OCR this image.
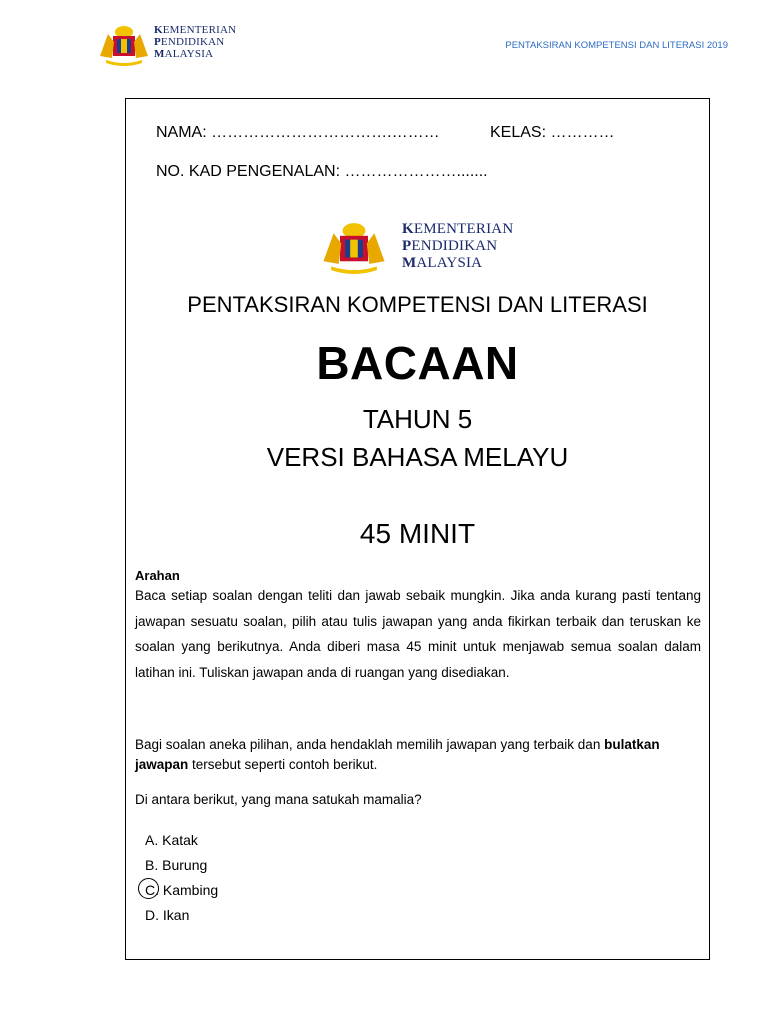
KEMENTERIAN
PENDIDIKAN
MALAYSIA
PENTAKSIRAN KOMPETENSI DAN LITERASI 2019
NAMA: …………………………….………	KELAS: …………
NO. KAD PENGENALAN: ………………….......
KEMENTERIAN
PENDIDIKAN
MALAYSIA
PENTAKSIRAN KOMPETENSI DAN LITERASI
BACAAN
TAHUN 5
VERSI BAHASA MELAYU
45 MINIT
Arahan
Baca setiap soalan dengan teliti dan jawab sebaik mungkin. Jika anda kurang pasti tentang jawapan sesuatu soalan, pilih atau tulis jawapan yang anda fikirkan terbaik dan teruskan ke soalan yang berikutnya. Anda diberi masa 45 minit untuk menjawab semua soalan dalam latihan ini. Tuliskan jawapan anda di ruangan yang disediakan.
Bagi soalan aneka pilihan, anda hendaklah memilih jawapan yang terbaik dan bulatkan jawapan tersebut seperti contoh berikut.
Di antara berikut, yang mana satukah mamalia?
A. Katak
B. Burung
C. Kambing
D. Ikan
